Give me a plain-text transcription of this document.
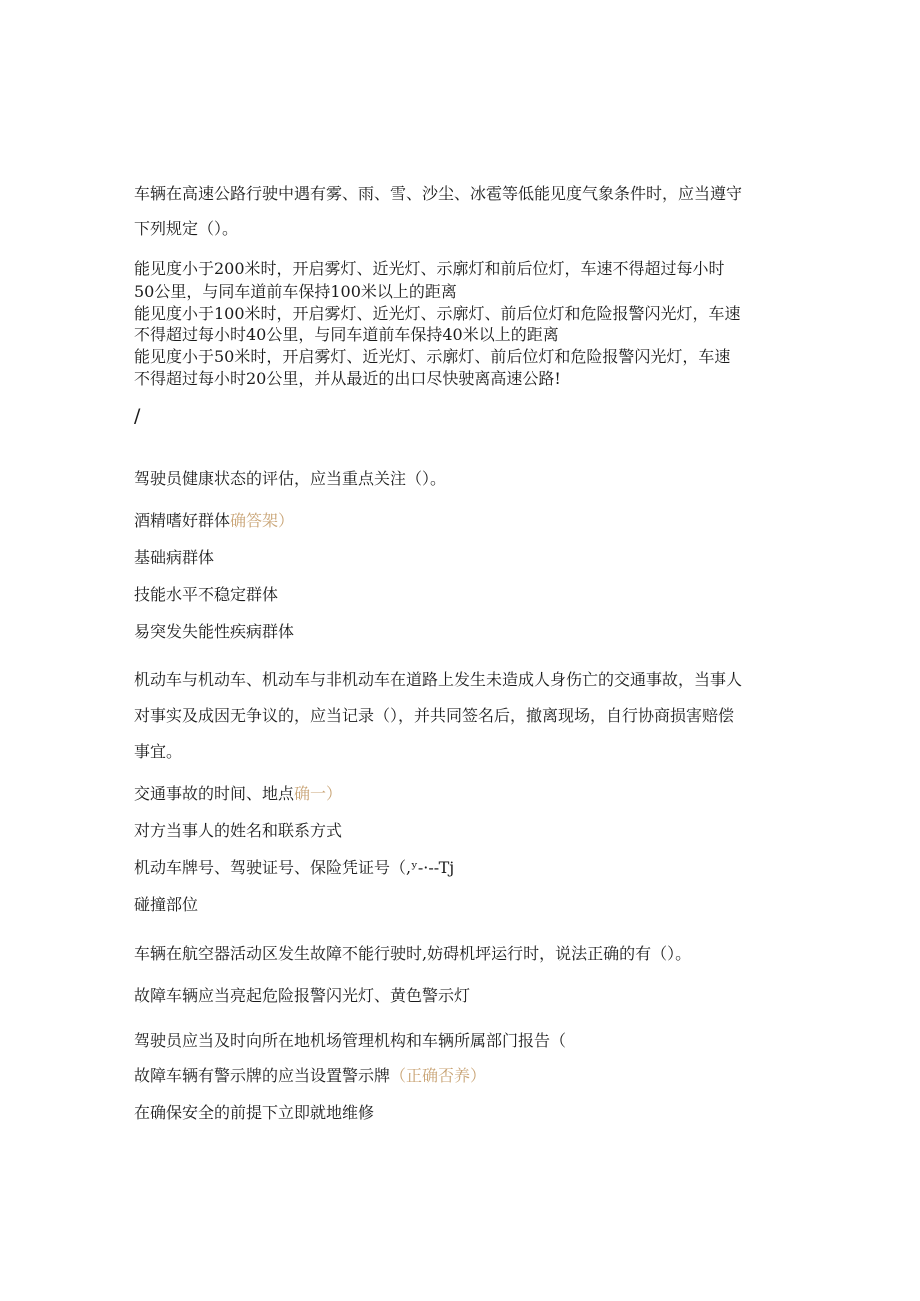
车辆在高速公路行驶中遇有雾、雨、雪、沙尘、冰雹等低能见度气象条件时，应当遵守
下列规定（）。
能见度小于200米时，开启雾灯、近光灯、示廓灯和前后位灯，车速不得超过每小时
50公里，与同车道前车保持100米以上的距离
能见度小于100米时，开启雾灯、近光灯、示廓灯、前后位灯和危险报警闪光灯，车速
不得超过每小时40公里，与同车道前车保持40米以上的距离
能见度小于50米时，开启雾灯、近光灯、示廓灯、前后位灯和危险报警闪光灯，车速
不得超过每小时20公里，并从最近的出口尽快驶离高速公路!
/
驾驶员健康状态的评估，应当重点关注（）。
酒精嗜好群体确答架）
基础病群体
技能水平不稳定群体
易突发失能性疾病群体
机动车与机动车、机动车与非机动车在道路上发生未造成人身伤亡的交通事故，当事人
对事实及成因无争议的，应当记录（），并共同签名后，撤离现场，自行协商损害赔偿
事宜。
交通事故的时间、地点确一）
对方当事人的姓名和联系方式
机动车牌号、驾驶证号、保险凭证号（,ʸ-·--Tj
碰撞部位
车辆在航空器活动区发生故障不能行驶时,妨碍机坪运行时，说法正确的有（）。
故障车辆应当亮起危险报警闪光灯、黄色警示灯
驾驶员应当及时向所在地机场管理机构和车辆所属部门报告（
故障车辆有警示牌的应当设置警示牌（正确否养）
在确保安全的前提下立即就地维修
